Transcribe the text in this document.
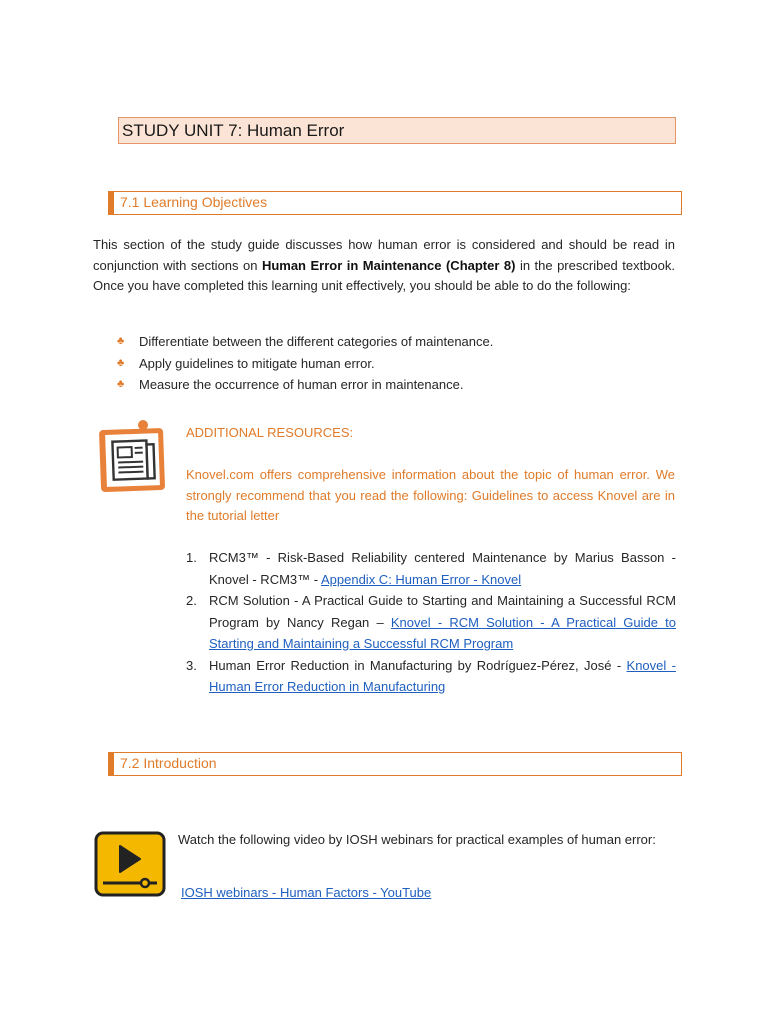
STUDY UNIT 7: Human Error
7.1 Learning Objectives
This section of the study guide discusses how human error is considered and should be read in conjunction with sections on Human Error in Maintenance (Chapter 8) in the prescribed textbook. Once you have completed this learning unit effectively, you should be able to do the following:
♣	Differentiate between the different categories of maintenance.
♣	Apply guidelines to mitigate human error.
♣	Measure the occurrence of human error in maintenance.
ADDITIONAL RESOURCES:
Knovel.com offers comprehensive information about the topic of human error. We strongly recommend that you read the following: Guidelines to access Knovel are in the tutorial letter
1. RCM3™ - Risk-Based Reliability centered Maintenance by Marius Basson - Knovel - RCM3™ - Appendix C: Human Error - Knovel
2. RCM Solution - A Practical Guide to Starting and Maintaining a Successful RCM Program by Nancy Regan – Knovel - RCM Solution - A Practical Guide to Starting and Maintaining a Successful RCM Program
3. Human Error Reduction in Manufacturing by Rodríguez-Pérez, José - Knovel - Human Error Reduction in Manufacturing
7.2 Introduction
Watch the following video by IOSH webinars for practical examples of human error:
IOSH webinars - Human Factors - YouTube
